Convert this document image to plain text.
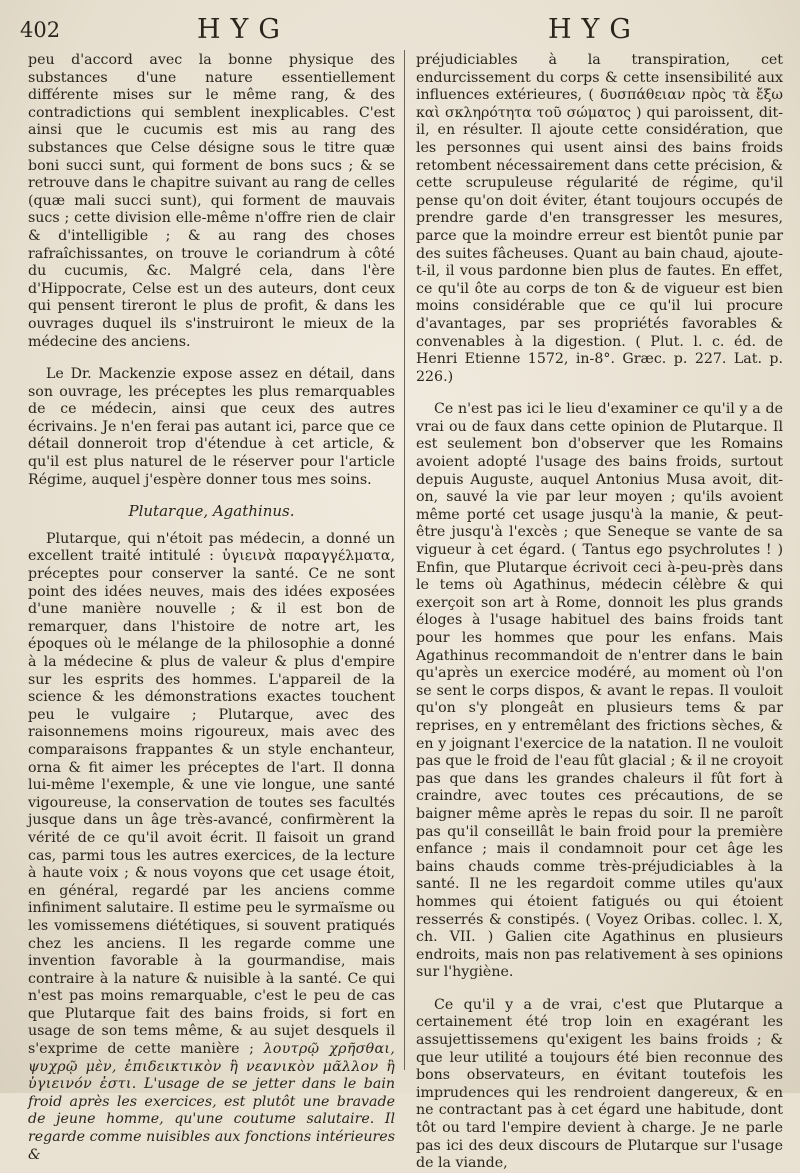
402	HYG	HYG

peu d'accord avec la bonne physique des substances d'une nature essentiellement différente mises sur le même rang, & des contradictions qui semblent inexplicables. C'est ainsi que le cucumis est mis au rang des substances que Celse désigne sous le titre quæ boni succi sunt, qui forment de bons sucs ; & se retrouve dans le chapitre suivant au rang de celles (quæ mali succi sunt), qui forment de mauvais sucs ; cette division elle-même n'offre rien de clair & d'intelligible ; & au rang des choses rafraîchissantes, on trouve le coriandrum à côté du cucumis, &c. Malgré cela, dans l'ère d'Hippocrate, Celse est un des auteurs, dont ceux qui pensent tireront le plus de profit, & dans les ouvrages duquel ils s'instruiront le mieux de la médecine des anciens.

Le Dr. Mackenzie expose assez en détail, dans son ouvrage, les préceptes les plus remarquables de ce médecin, ainsi que ceux des autres écrivains. Je n'en ferai pas autant ici, parce que ce détail donneroit trop d'étendue à cet article, & qu'il est plus naturel de le réserver pour l'article Régime, auquel j'espère donner tous mes soins.

Plutarque, Agathinus.

Plutarque, qui n'étoit pas médecin, a donné un excellent traité intitulé : ὑγιεινὰ παραγγέλματα, préceptes pour conserver la santé. Ce ne sont point des idées neuves, mais des idées exposées d'une manière nouvelle ; & il est bon de remarquer, dans l'histoire de notre art, les époques où le mélange de la philosophie a donné à la médecine & plus de valeur & plus d'empire sur les esprits des hommes. L'appareil de la science & les démonstrations exactes touchent peu le vulgaire ; Plutarque, avec des raisonnemens moins rigoureux, mais avec des comparaisons frappantes & un style enchanteur, orna & fit aimer les préceptes de l'art. Il donna lui-même l'exemple, & une vie longue, une santé vigoureuse, la conservation de toutes ses facultés jusque dans un âge très-avancé, confirmèrent la vérité de ce qu'il avoit écrit. Il faisoit un grand cas, parmi tous les autres exercices, de la lecture à haute voix ; & nous voyons que cet usage étoit, en général, regardé par les anciens comme infiniment salutaire. Il estime peu le syrmaïsme ou les vomissemens diététiques, si souvent pratiqués chez les anciens. Il les regarde comme une invention favorable à la gourmandise, mais contraire à la nature & nuisible à la santé. Ce qui n'est pas moins remarquable, c'est le peu de cas que Plutarque fait des bains froids, si fort en usage de son tems même, & au sujet desquels il s'exprime de cette manière ; λουτρῷ χρῆσθαι, ψυχρῷ μὲν, ἐπιδεικτικὸν ἢ νεανικὸν μᾶλλον ἢ ὑγιεινόν ἐστι. L'usage de se jetter dans le bain froid après les exercices, est plutôt une bravade de jeune homme, qu'une coutume salutaire. Il regarde comme nuisibles aux fonctions intérieures &

préjudiciables à la transpiration, cet endurcissement du corps & cette insensibilité aux influences extérieures, ( δυσπάθειαν πρὸς τὰ ἔξω καὶ σκληρότητα τοῦ σώματος ) qui paroissent, dit-il, en résulter. Il ajoute cette considération, que les personnes qui usent ainsi des bains froids retombent nécessairement dans cette précision, & cette scrupuleuse régularité de régime, qu'il pense qu'on doit éviter, étant toujours occupés de prendre garde d'en transgresser les mesures, parce que la moindre erreur est bientôt punie par des suites fâcheuses. Quant au bain chaud, ajoute-t-il, il vous pardonne bien plus de fautes. En effet, ce qu'il ôte au corps de ton & de vigueur est bien moins considérable que ce qu'il lui procure d'avantages, par ses propriétés favorables & convenables à la digestion. ( Plut. l. c. éd. de Henri Etienne 1572, in-8°. Græc. p. 227. Lat. p. 226.)

Ce n'est pas ici le lieu d'examiner ce qu'il y a de vrai ou de faux dans cette opinion de Plutarque. Il est seulement bon d'observer que les Romains avoient adopté l'usage des bains froids, surtout depuis Auguste, auquel Antonius Musa avoit, dit-on, sauvé la vie par leur moyen ; qu'ils avoient même porté cet usage jusqu'à la manie, & peut-être jusqu'à l'excès ; que Seneque se vante de sa vigueur à cet égard. ( Tantus ego psychrolutes ! ) Enfin, que Plutarque écrivoit ceci à-peu-près dans le tems où Agathinus, médecin célèbre & qui exerçoit son art à Rome, donnoit les plus grands éloges à l'usage habituel des bains froids tant pour les hommes que pour les enfans. Mais Agathinus recommandoit de n'entrer dans le bain qu'après un exercice modéré, au moment où l'on se sent le corps dispos, & avant le repas. Il vouloit qu'on s'y plongeât en plusieurs tems & par reprises, en y entremêlant des frictions sèches, & en y joignant l'exercice de la natation. Il ne vouloit pas que le froid de l'eau fût glacial ; & il ne croyoit pas que dans les grandes chaleurs il fût fort à craindre, avec toutes ces précautions, de se baigner même après le repas du soir. Il ne paroît pas qu'il conseillât le bain froid pour la première enfance ; mais il condamnoit pour cet âge les bains chauds comme très-préjudiciables à la santé. Il ne les regardoit comme utiles qu'aux hommes qui étoient fatigués ou qui étoient resserrés & constipés. ( Voyez Oribas. collec. l. X, ch. VII. ) Galien cite Agathinus en plusieurs endroits, mais non pas relativement à ses opinions sur l'hygiène.

Ce qu'il y a de vrai, c'est que Plutarque a certainement été trop loin en exagérant les assujettissemens qu'exigent les bains froids ; & que leur utilité a toujours été bien reconnue des bons observateurs, en évitant toutefois les imprudences qui les rendroient dangereux, & en ne contractant pas à cet égard une habitude, dont tôt ou tard l'empire devient à charge. Je ne parle pas ici des deux discours de Plutarque sur l'usage de la viande,
